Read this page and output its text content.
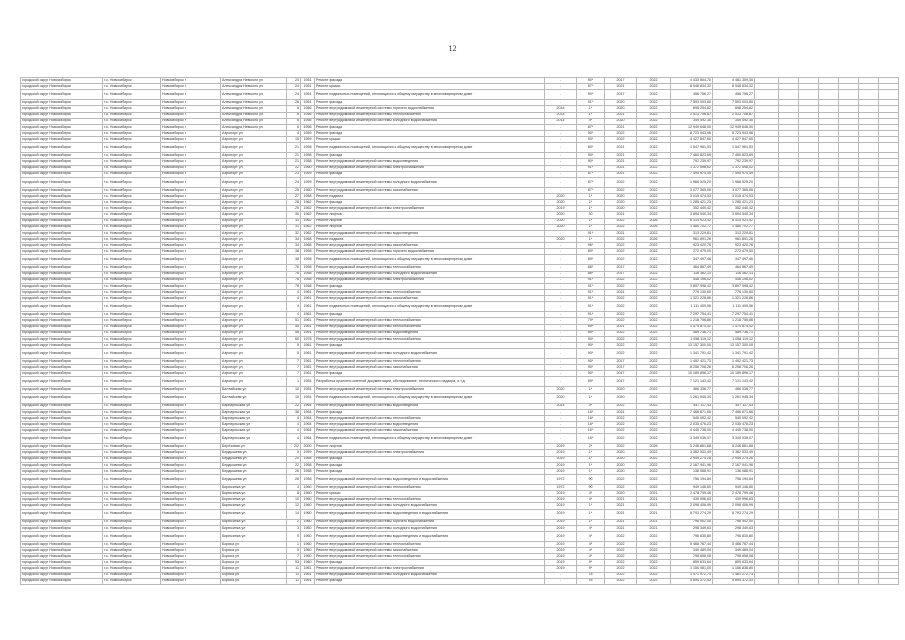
12
городской округ Новосибирск	г.о. Новосибирск	Новосибирск г	Александра Невского ул	24	1951	Ремонт фасада	-	90*	2017	2022	4 433 804,70	4 461 309,30							
городской округ Новосибирск	г.о. Новосибирск	Новосибирск г	Александра Невского ул	24	1951	Ремонт крыши	-	67*	2021	2022	8 948 834,32	8 948 834,32							
городской округ Новосибирск	г.о. Новосибирск	Новосибирск г	Александра Невского ул	24	1951	Ремонт подвальных помещений, относящихся к общему имуществу в многоквартирном доме	-	90*	2017	2022	456 756,27	456 756,27							
городской округ Новосибирск	г.о. Новосибирск	Новосибирск г	Александра Невского ул	26	1951	Ремонт фасада	-	91*	2020	2022	7 593 003,60	7 593 003,60							
городской округ Новосибирск	г.о. Новосибирск	Новосибирск г	Александра Невского ул	6	1956	Ремонт внутридомовой инженерной системы горячего водоснабжения	2014	1*	2020	2022	698 254,82	698 254,82							
городской округ Новосибирск	г.о. Новосибирск	Новосибирск г	Александра Невского ул	6	1956	Ремонт внутридомовой инженерной системы теплоснабжения	2014	1*	2021	2022	2 513 706,87	2 513 706,87							
городской округ Новосибирск	г.о. Новосибирск	Новосибирск г	Александра Невского ул	6	1956	Ремонт внутридомовой инженерной системы холодного водоснабжения	2014	4*	2020	2022	349 492,30	349 492,30							
городской округ Новосибирск	г.о. Новосибирск	Новосибирск г	Александра Невского ул	6	1956	Ремонт фасада	-	87*	2021	2022	12 949 648,00	12 949 648,00							
городской округ Новосибирск	г.о. Новосибирск	Новосибирск г	Аэропорт ул	4	1959	Ремонт фасада	-	90*	2022	2022	8 723 943,96	8 723 943,96							
городской округ Новосибирск	г.о. Новосибирск	Новосибирск г	Аэропорт ул	15	1959	Ремонт крыши	-	90*	2022	2022	4 427 847,60	4 427 847,60							
городской округ Новосибирск	г.о. Новосибирск	Новосибирск г	Аэропорт ул	21	1958	Ремонт подвальных помещений, относящихся к общему имуществу в многоквартирном доме	-	80*	2021	2022	1 547 961,53	1 547 961,53							
городской округ Новосибирск	г.о. Новосибирск	Новосибирск г	Аэропорт ул	21	1958	Ремонт фасада	-	90*	2021	2022	7 460 823,69	7 460 823,69							
городской округ Новосибирск	г.о. Новосибирск	Новосибирск г	Аэропорт ул	21	1958	Ремонт внутридомовой инженерной системы водоотведения	-	90*	2021	2022	792 239,97	792 239,97							
городской округ Новосибирск	г.о. Новосибирск	Новосибирск г	Аэропорт ул	22	1960	Ремонт внутридомовой инженерной системы электроснабжения	-	91*	2021	2022	1 372 598,02	1 372 598,02							
городской округ Новосибирск	г.о. Новосибирск	Новосибирск г	Аэропорт ул	23	1959	Ремонт фасада	-	87*	2021	2022	7 490 974,49	7 490 974,49							
городской округ Новосибирск	г.о. Новосибирск	Новосибирск г	Аэропорт ул	24	1959	Ремонт внутридомовой инженерной системы холодного водоснабжения	-	87*	2022	2022	1 966 525,20	1 966 525,20							
городской округ Новосибирск	г.о. Новосибирск	Новосибирск г	Аэропорт ул	25	1960	Ремонт внутридомовой инженерной системы газоснабжения	-	87*	2022	2022	3 077 365,06	3 077 365,06							
городской округ Новосибирск	г.о. Новосибирск	Новосибирск г	Аэропорт ул	27	1958	Ремонт подвала	2020	1*	2020	2022	3 015 474,53	3 015 474,53							
городской округ Новосибирск	г.о. Новосибирск	Новосибирск г	Аэропорт ул	28	1962	Ремонт фасада	2020	1*	2020	2022	1 285 421,23	1 285 421,23							
городской округ Новосибирск	г.о. Новосибирск	Новосибирск г	Аэропорт ул	29	1962	Ремонт внутридомовой инженерной системы электроснабжения	2019	1*	2020	2022	352 440,42	352 440,42							
городской округ Новосибирск	г.о. Новосибирск	Новосибирск г	Аэропорт ул	30	1962	Ремонт лифтов	2020	30	2021	2022	3 894 540,34	3 894 540,34							
городской округ Новосибирск	г.о. Новосибирск	Новосибирск г	Аэропорт ул	31	1962	Ремонт лифтов	2020	1*	2022	2026	8 314 923,42	8 314 923,42							
городской округ Новосибирск	г.о. Новосибирск	Новосибирск г	Аэропорт ул	31	1962	Ремонт лифтов	2020	1*	2022	2026	1 480 702,77	1 480 702,77							
городской округ Новосибирск	г.о. Новосибирск	Новосибирск г	Аэропорт ул	32	1962	Ремонт внутридомовой инженерной системы водоотведения	-	91*	2021	2022	313 229,81	313 229,81							
городской округ Новосибирск	г.о. Новосибирск	Новосибирск г	Аэропорт ул	34	1968	Ремонт подвала	2020	1*	2022	2026	961 891,26	961 891,26							
городской округ Новосибирск	г.о. Новосибирск	Новосибирск г	Аэропорт ул	34	1968	Ремонт внутридомовой инженерной системы газоснабжения	-	96*	2022	2022	923 420,76	923 420,76							
городской округ Новосибирск	г.о. Новосибирск	Новосибирск г	Аэропорт ул	38	1958	Ремонт внутридомовой инженерной системы горячего водоснабжения	-	89*	2022	2022	272 479,00	272 479,00							
городской округ Новосибирск	г.о. Новосибирск	Новосибирск г	Аэропорт ул	38	1958	Ремонт подвальных помещений, относящихся к общему имуществу в многоквартирном доме	-	89*	2022	2022	347 497,46	347 497,46							
городской округ Новосибирск	г.о. Новосибирск	Новосибирск г	Аэропорт ул	76	1958	Ремонт внутридомовой инженерной системы теплоснабжения	-	86*	2017	2022	464 867,49	464 867,49							
городской округ Новосибирск	г.о. Новосибирск	Новосибирск г	Аэропорт ул	76	1958	Ремонт внутридомовой инженерной системы холодного водоснабжения	-	86*	2017	2022	116 362,13	116 362,13							
городской округ Новосибирск	г.о. Новосибирск	Новосибирск г	Аэропорт ул	76	1958	Ремонт внутридомовой инженерной системы электроснабжения	-	91*	2022	2022	448 196,02	448 196,02							
городской округ Новосибирск	г.о. Новосибирск	Новосибирск г	Аэропорт ул	78	1958	Ремонт фасада	-	91*	2022	2022	3 897 998,42	3 897 998,42							
городской округ Новосибирск	г.о. Новосибирск	Новосибирск г	Аэропорт ул	4	1961	Ремонт внутридомовой инженерной системы теплоснабжения	-	91*	2021	2022	776 130,60	776 130,60							
городской округ Новосибирск	г.о. Новосибирск	Новосибирск г	Аэропорт ул	4	1961	Ремонт внутридомовой инженерной системы газоснабжения	-	91*	2022	2022	1 321 228,86	1 321 228,86							
городской округ Новосибирск	г.о. Новосибирск	Новосибирск г	Аэропорт ул	4	1961	Ремонт подвальных помещений, относящихся к общему имуществу в многоквартирном доме	-	91*	2022	2022	1 111 409,56	1 111 409,56							
городской округ Новосибирск	г.о. Новосибирск	Новосибирск г	Аэропорт ул	4	1961	Ремонт фасада	-	91*	2022	2022	7 297 754,41	7 297 754,41							
городской округ Новосибирск	г.о. Новосибирск	Новосибирск г	Аэропорт ул	51	1961	Ремонт внутридомовой инженерной системы теплоснабжения	-	79*	2022	2022	1 218 756,86	1 218 756,86							
городской округ Новосибирск	г.о. Новосибирск	Новосибирск г	Аэропорт ул	55	1961	Ремонт внутридомовой инженерной системы теплоснабжения	-	89*	2021	2022	1 474 874,42	1 474 874,42							
городской округ Новосибирск	г.о. Новосибирск	Новосибирск г	Аэропорт ул	58	1961	Ремонт внутридомовой инженерной системы водоотведения	-	89*	2022	2022	489 736,71	489 736,71							
городской округ Новосибирск	г.о. Новосибирск	Новосибирск г	Аэропорт ул	60	1978	Ремонт внутридомовой инженерной системы теплоснабжения	-	90*	2022	2022	1 058 119,12	1 058 119,12							
городской округ Новосибирск	г.о. Новосибирск	Новосибирск г	Аэропорт ул	5	1961	Ремонт фасада	-	90*	2022	2022	13 157 300,00	13 157 300,00							
городской округ Новосибирск	г.о. Новосибирск	Новосибирск г	Аэропорт ул	5	1961	Ремонт внутридомовой инженерной системы холодного водоснабжения	-	90*	2022	2022	1 341 791,42	1 341 791,42							
городской округ Новосибирск	г.о. Новосибирск	Новосибирск г	Аэропорт ул	7	1961	Ремонт внутридомовой инженерной системы теплоснабжения	-	90*	2017	2022	1 492 421,73	1 492 421,73							
городской округ Новосибирск	г.о. Новосибирск	Новосибирск г	Аэропорт ул	7	1961	Ремонт внутридомовой инженерной системы газоснабжения	-	90*	2017	2022	8 256 706,26	8 256 706,26							
городской округ Новосибирск	г.о. Новосибирск	Новосибирск г	Аэропорт ул	7	1961	Ремонт фасада	-	90*	2017	2022	10 189 896,17	10 189 896,17							
городской округ Новосибирск	г.о. Новосибирск	Новосибирск г	Аэропорт ул	1	1954	Разработка проектно-сметной документации, обследование, технического надзора, и т.д.	-	89*	2017	2022	7 121 143,42	7 121 143,42							
городской округ Новосибирск	г.о. Новосибирск	Новосибирск г	Балтийская ул	10	1954	Ремонт внутридомовой инженерной системы электроснабжения	2020	1*	2020	2022	466 336,77	466 336,77							
городской округ Новосибирск	г.о. Новосибирск	Новосибирск г	Балтийская ул	10	1954	Ремонт подвальных помещений, относящихся к общему имуществу в многоквартирном доме	2020	1*	2020	2022	1 261 945,34	1 261 945,34							
городской округ Новосибирск	г.о. Новосибирск	Новосибирск г	Барнаульская ул	22	1964	Ремонт внутридомовой инженерной системы водоотведения	2014	4*	2022	2022	447 117,43	447 117,43							
городской округ Новосибирск	г.о. Новосибирск	Новосибирск г	Барнаульская ул	38	1964	Ремонт фасада	-	16*	2021	2022	7 466 871,66	7 466 871,66							
городской округ Новосибирск	г.о. Новосибирск	Новосибирск г	Барнаульская ул	4	1964	Ремонт внутридомовой инженерной системы теплоснабжения	-	16*	2022	2022	545 092,42	545 092,42							
городской округ Новосибирск	г.о. Новосибирск	Новосибирск г	Барнаульская ул	4	1964	Ремонт внутридомовой инженерной системы водоотведения	-	16*	2022	2022	2 035 476,23	2 035 476,23							
городской округ Новосибирск	г.о. Новосибирск	Новосибирск г	Барнаульская ул	4	1964	Ремонт внутридомовой инженерной системы газоснабжения	-	16*	2022	2022	4 445 738,00	4 445 738,00							
городской округ Новосибирск	г.о. Новосибирск	Новосибирск г	Барнаульская ул	4	1964	Ремонт подвальных помещений, относящихся к общему имуществу в многоквартирном доме	-	16*	2022	2022	3 349 036,07	3 349 036,07							
городской округ Новосибирск	г.о. Новосибирск	Новосибирск г	Берёзовая ул	2/2	2000	Ремонт лифтов	2019	2*	2022	2026	5 246 861,68	5 246 861,68							
городской округ Новосибирск	г.о. Новосибирск	Новосибирск г	Бердышева ул	5	1959	Ремонт внутридомовой инженерной системы электроснабжения	2019	1*	2020	2022	3 362 533,49	3 362 533,49							
городской округ Новосибирск	г.о. Новосибирск	Новосибирск г	Бердышева ул	20	1958	Ремонт фасада	2019	1*	2020	2022	2 949 274,26	2 949 274,26							
городской округ Новосибирск	г.о. Новосибирск	Новосибирск г	Бердышева ул	22	1958	Ремонт фасада	2019	1*	2020	2022	2 167 941,96	2 167 941,96							
городской округ Новосибирск	г.о. Новосибирск	Новосибирск г	Бердышева ул	26	1958	Ремонт фасада	2019	1*	2020	2022	138 088,91	136 088,91							
городской округ Новосибирск	г.о. Новосибирск	Новосибирск г	Бердышева ул	26	1958	Ремонт внутридомовой инженерной системы водоотведения и водоснабжения	1972	90	2022	2022	756 194,84	756 194,84							
городской округ Новосибирск	г.о. Новосибирск	Новосибирск г	Бирюсинка ул	4	1960	Ремонт внутридомовой инженерной системы теплоснабжения	1972	90	2022	2022	949 146,60	949 146,60							
городской округ Новосибирск	г.о. Новосибирск	Новосибирск г	Бирюсинка ул	8	1960	Ремонт крыши	2019	4*	2020	2021	2 478 799,46	2 478 799,46							
городской округ Новосибирск	г.о. Новосибирск	Новосибирск г	Бирюсинка ул	10	1960	Ремонт внутридомовой инженерной системы теплоснабжения	2019	4*	2021	2021	439 996,63	439 996,63							
городской округ Новосибирск	г.о. Новосибирск	Новосибирск г	Бирюсинка ул	12	1960	Ремонт внутридомовой инженерной системы холодного водоснабжения	2019	1*	2021	2021	2 098 406,99	2 098 406,99							
городской округ Новосибирск	г.о. Новосибирск	Новосибирск г	Бирюсинка ул	14	1960	Ремонт внутридомовой инженерной системы водоотведения и водоснабжения	2019	1*	2021	2021	8 793 274,29	8 793 274,29							
городской округ Новосибирск	г.о. Новосибирск	Новосибирск г	Бирюсинка ул	2	1960	Ремонт внутридомовой инженерной системы горячего водоснабжения	2019	1*	2021	2021	798 902,00	798 902,00							
городской округ Новосибирск	г.о. Новосибирск	Новосибирск г	Бирюсинка ул	3	1960	Ремонт внутридомовой инженерной системы холодного водоснабжения	2019	4*	2021	2021	298 349,63	298 349,63							
городской округ Новосибирск	г.о. Новосибирск	Новосибирск г	Бирюсинка ул	5	1960	Ремонт внутридомовой инженерной системы водоотведения и водоснабжения	2019	4*	2022	2022	796 830,80	796 830,80							
городской округ Новосибирск	г.о. Новосибирск	Новосибирск г	Бориса ул	1	1960	Ремонт внутридомовой инженерной системы теплоснабжения	2019	4*	2022	2022	5 466 767,44	5 466 767,44							
городской округ Новосибирск	г.о. Новосибирск	Новосибирск г	Бориса ул	5	1960	Ремонт внутридомовой инженерной системы газоснабжения	2019	4*	2022	2022	349 489,04	349 489,04							
городской округ Новосибирск	г.о. Новосибирск	Новосибирск г	Бориса ул	7	1960	Ремонт внутридомовой инженерной системы теплоснабжения	2019	4*	2022	2022	798 658,08	798 658,08							
городской округ Новосибирск	г.о. Новосибирск	Новосибирск г	Бориса ул	53	1960	Ремонт фасада	2019	9*	2022	2022	859 633,64	859 633,64							
городской округ Новосибирск	г.о. Новосибирск	Новосибирск г	Бориса ул	11	1961	Ремонт внутридомовой инженерной системы электроснабжения	2019	9*	2022	2022	1 150 981,00	1 156 838,80							
городской округ Новосибирск	г.о. Новосибирск	Новосибирск г	Бориса ул	11	1961	Ремонт внутридомовой инженерной системы холодного водоснабжения	-	78	2022	2022	1 471 972,73	1 481 272,73							
городской округ Новосибирск	г.о. Новосибирск	Новосибирск г	Бориса ул	11	1961	Ремонт фасада	-	78	2022	2022	4 894 372,43	4 894 372,43							
